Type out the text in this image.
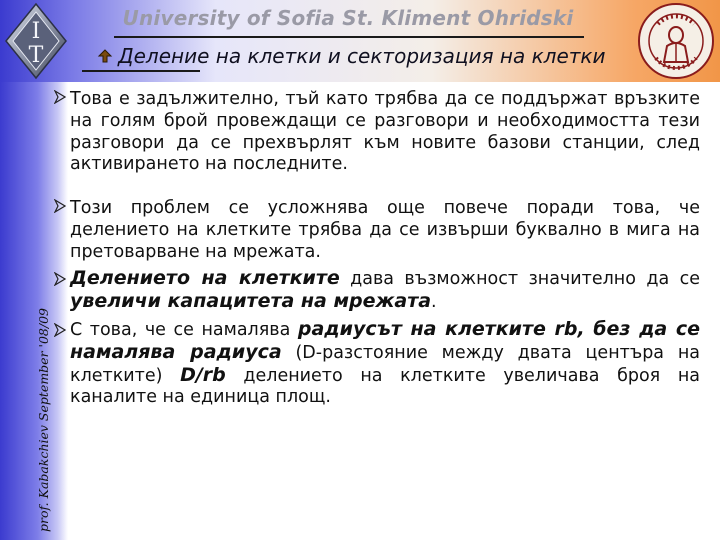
I
T
University of Sofia St. Kliment Ohridski
Деление на клетки и секторизация на клетки
prof. Kabakchiev September '08/09

Това е задължително, тъй като трябва да се поддържат връзките на голям брой провеждащи се разговори и необходимостта тези разговори да се прехвърлят към новите базови станции, след активирането на последните.

Този проблем се усложнява още повече поради това, че делението на клетките трябва да се извърши буквално в мига на претоварване на мрежата.

Делението на клетките дава възможност значително да се увеличи капацитета на мрежата.

С това, че се намалява радиусът на клетките rb, без да се намалява радиуса (D-разстояние между двата центъра на клетките) D/rb делението на клетките увеличава броя на каналите на единица площ.
